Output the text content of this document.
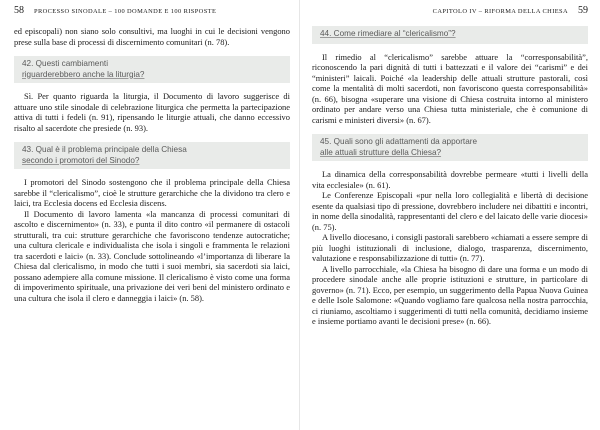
58 PROCESSO SINODALE – 100 DOMANDE E 100 RISPOSTE

ed episcopali) non siano solo consultivi, ma luoghi in cui le decisioni vengono prese sulla base di processi di discernimento comunitari (n. 78).

42. Questi cambiamenti
riguarderebbero anche la liturgia?

Sì. Per quanto riguarda la liturgia, il Documento di lavoro suggerisce di attuare uno stile sinodale di celebrazione liturgica che permetta la partecipazione attiva di tutti i fedeli (n. 91), ripensando le liturgie attuali, che danno eccessivo risalto al sacerdote che presiede (n. 93).

43. Qual è il problema principale della Chiesa
secondo i promotori del Sinodo?

I promotori del Sinodo sostengono che il problema principale della Chiesa sarebbe il “clericalismo”, cioè le strutture gerarchiche che la dividono tra clero e laici, tra Ecclesia docens ed Ecclesia discens.

Il Documento di lavoro lamenta «la mancanza di processi comunitari di ascolto e discernimento» (n. 33), e punta il dito contro «il permanere di ostacoli strutturali, tra cui: strutture gerarchiche che favoriscono tendenze autocratiche; una cultura clericale e individualista che isola i singoli e frammenta le relazioni tra sacerdoti e laici» (n. 33). Conclude sottolineando «l’importanza di liberare la Chiesa dal clericalismo, in modo che tutti i suoi membri, sia sacerdoti sia laici, possano adempiere alla comune missione. Il clericalismo è visto come una forma di impoverimento spirituale, una privazione dei veri beni del ministero ordinato e una cultura che isola il clero e danneggia i laici» (n. 58).

CAPITOLO IV – RIFORMA DELLA CHIESA 59
44. Come rimediare al “clericalismo”?

Il rimedio al “clericalismo” sarebbe attuare la “corresponsabilità”, riconoscendo la pari dignità di tutti i battezzati e il valore dei “carismi” e dei “ministeri” laicali. Poiché «la leadership delle attuali strutture pastorali, così come la mentalità di molti sacerdoti, non favoriscono questa corresponsabilità» (n. 66), bisogna «superare una visione di Chiesa costruita intorno al ministero ordinato per andare verso una Chiesa tutta ministeriale, che è comunione di carismi e ministeri diversi» (n. 67).

45. Quali sono gli adattamenti da apportare
alle attuali strutture della Chiesa?

La dinamica della corresponsabilità dovrebbe permeare «tutti i livelli della vita ecclesiale» (n. 61).

Le Conferenze Episcopali «pur nella loro collegialità e libertà di decisione esente da qualsiasi tipo di pressione, dovrebbero includere nei dibattiti e incontri, in nome della sinodalità, rappresentanti del clero e del laicato delle varie diocesi» (n. 75).

A livello diocesano, i consigli pastorali sarebbero «chiamati a essere sempre di più luoghi istituzionali di inclusione, dialogo, trasparenza, discernimento, valutazione e responsabilizzazione di tutti» (n. 77).

A livello parrocchiale, «la Chiesa ha bisogno di dare una forma e un modo di procedere sinodale anche alle proprie istituzioni e strutture, in particolare di governo» (n. 71). Ecco, per esempio, un suggerimento della Papua Nuova Guinea e delle Isole Salomone: «Quando vogliamo fare qualcosa nella nostra parrocchia, ci riuniamo, ascoltiamo i suggerimenti di tutti nella comunità, decidiamo insieme e insieme portiamo avanti le decisioni prese» (n. 66).
